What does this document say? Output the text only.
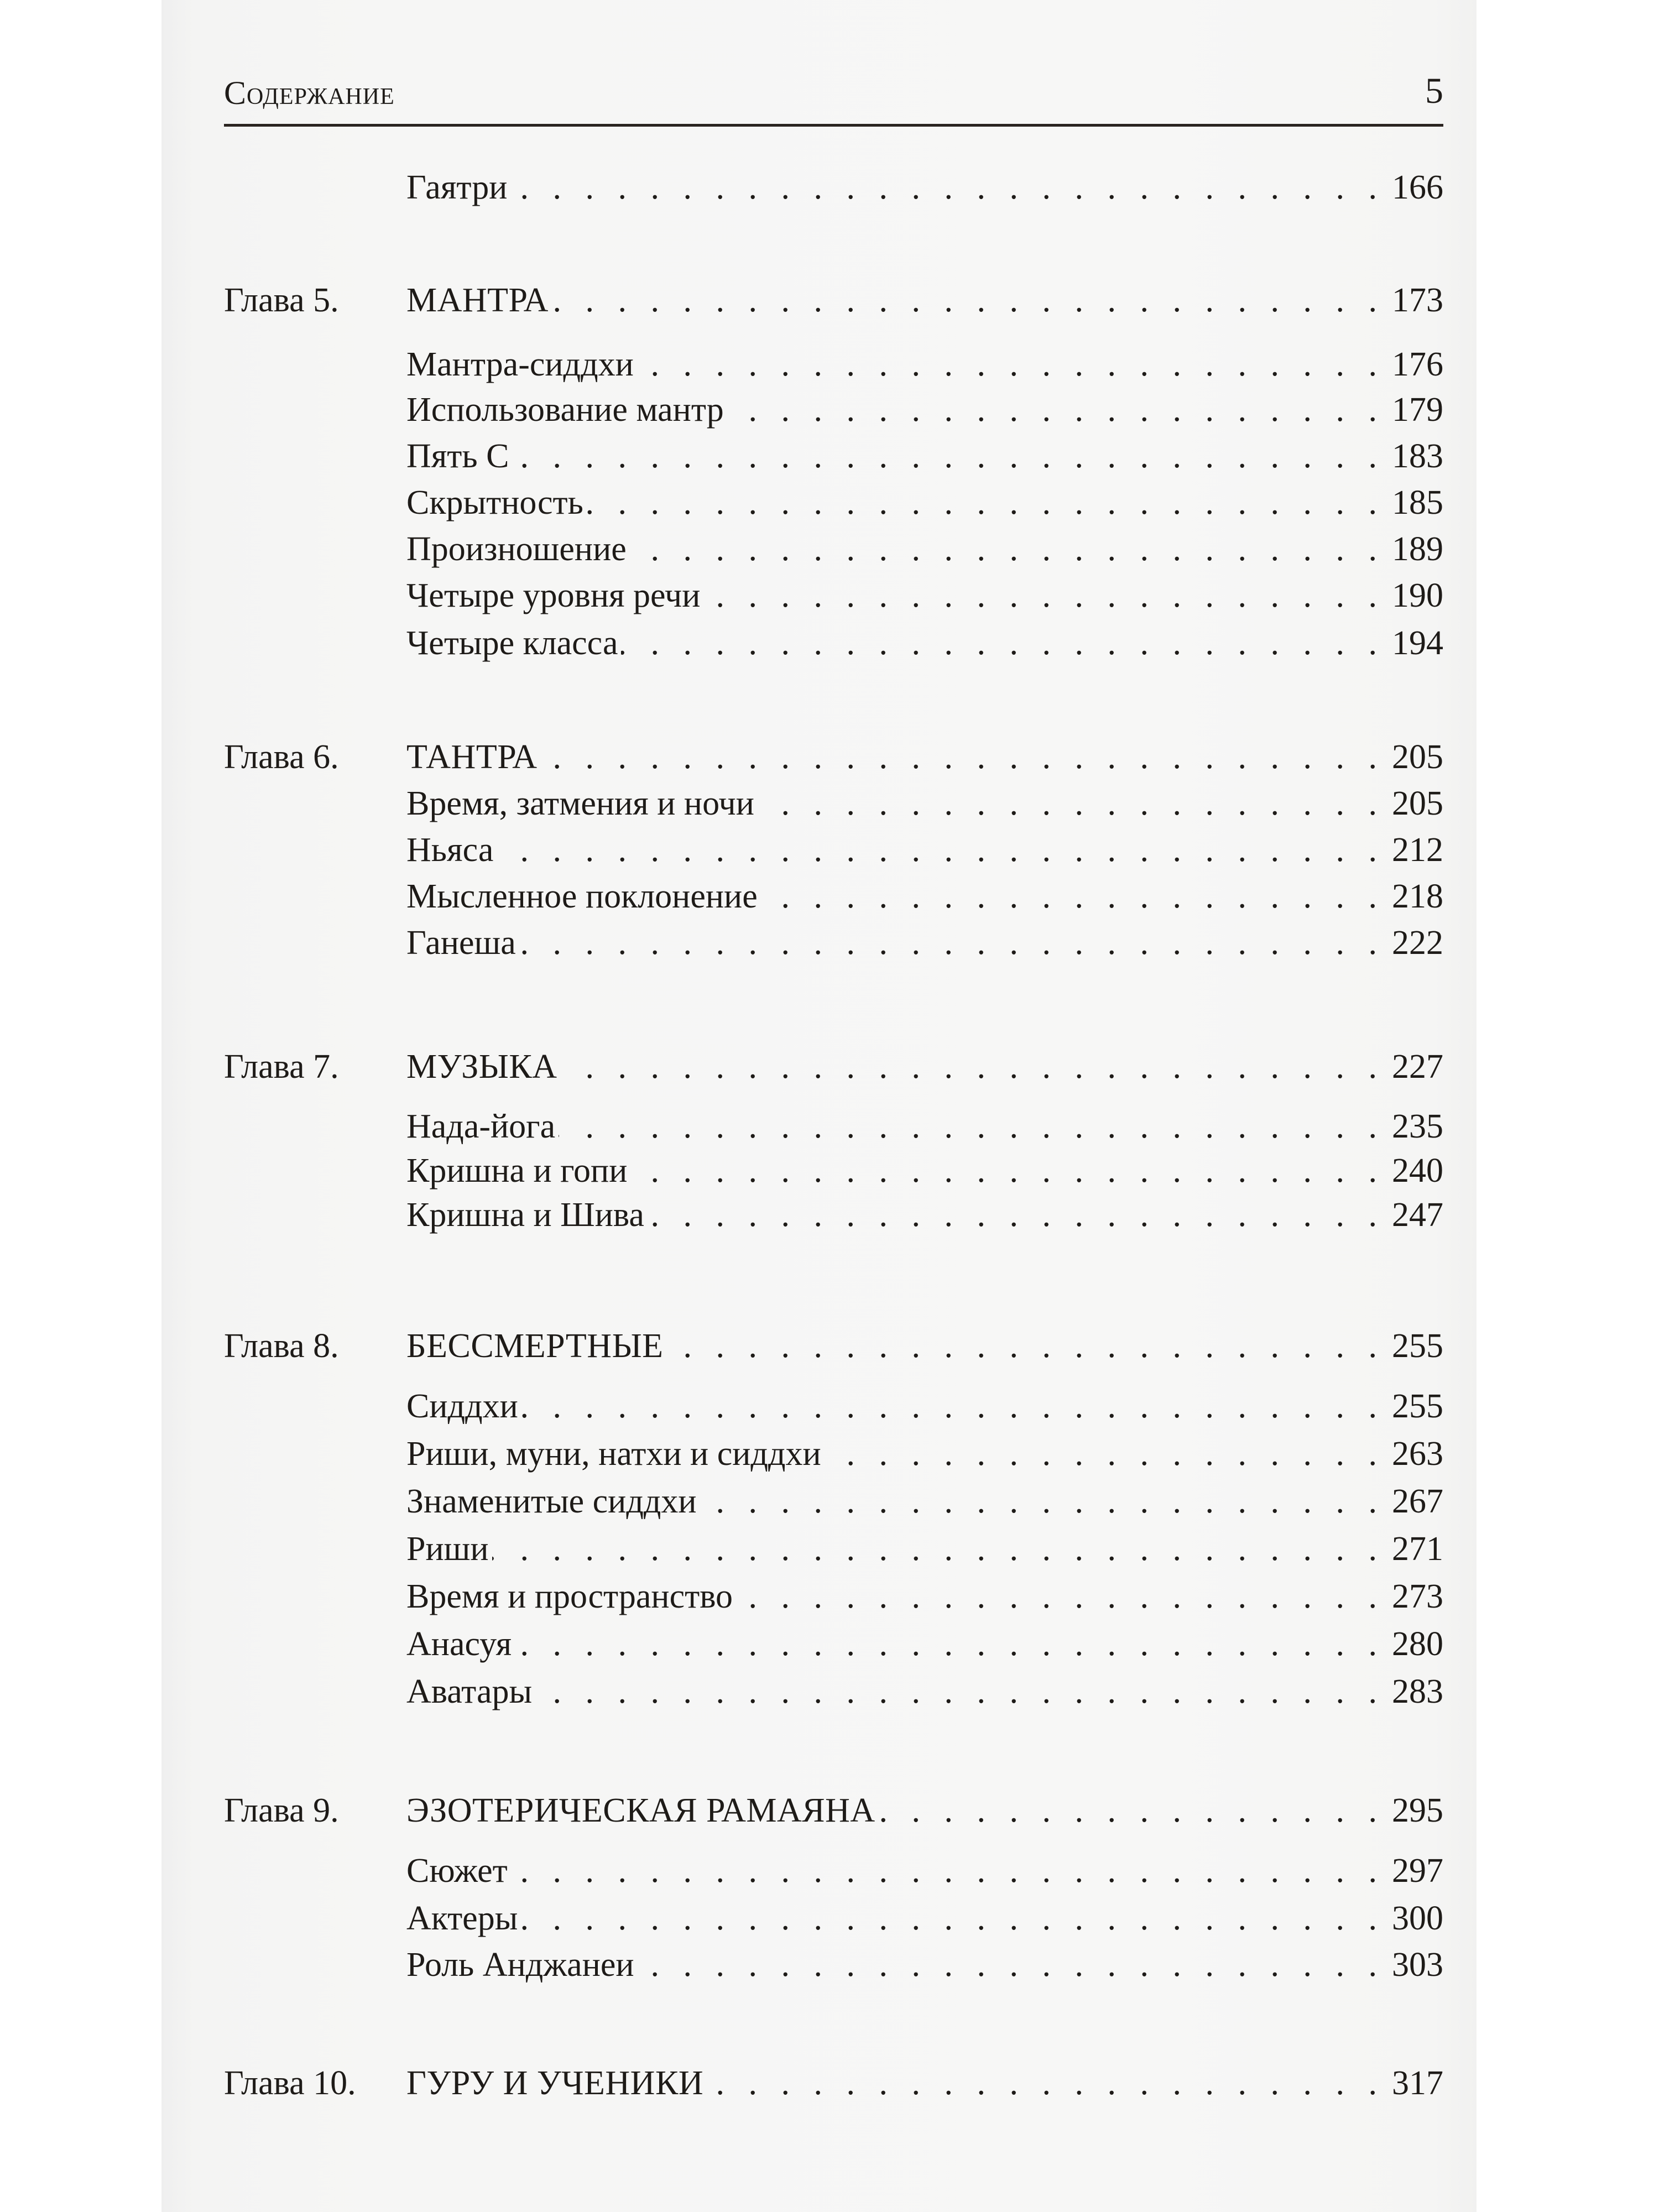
Содержание	5
Гаятри . . .	166
Глава 5.	МАНТРА . . .	173
Мантра-сиддхи . . .	176
Использование мантр . . .	179
Пять С . . .	183
Скрытность . . .	185
Произношение . . .	189
Четыре уровня речи . . .	190
Четыре класса . . .	194
Глава 6.	ТАНТРА . . .	205
Время, затмения и ночи . . .	205
Ньяса . . .	212
Мысленное поклонение . . .	218
Ганеша . . .	222
Глава 7.	МУЗЫКА . . .	227
Нада-йога . . .	235
Кришна и гопи . . .	240
Кришна и Шива . . .	247
Глава 8.	БЕССМЕРТНЫЕ . . .	255
Сиддхи . . .	255
Риши, муни, натхи и сиддхи . . .	263
Знаменитые сиддхи . . .	267
Риши . . .	271
Время и пространство . . .	273
Анасуя . . .	280
Аватары . . .	283
Глава 9.	ЭЗОТЕРИЧЕСКАЯ РАМАЯНА . . .	295
Сюжет . . .	297
Актеры . . .	300
Роль Анджанеи . . .	303
Глава 10.	ГУРУ И УЧЕНИКИ . . .	317
